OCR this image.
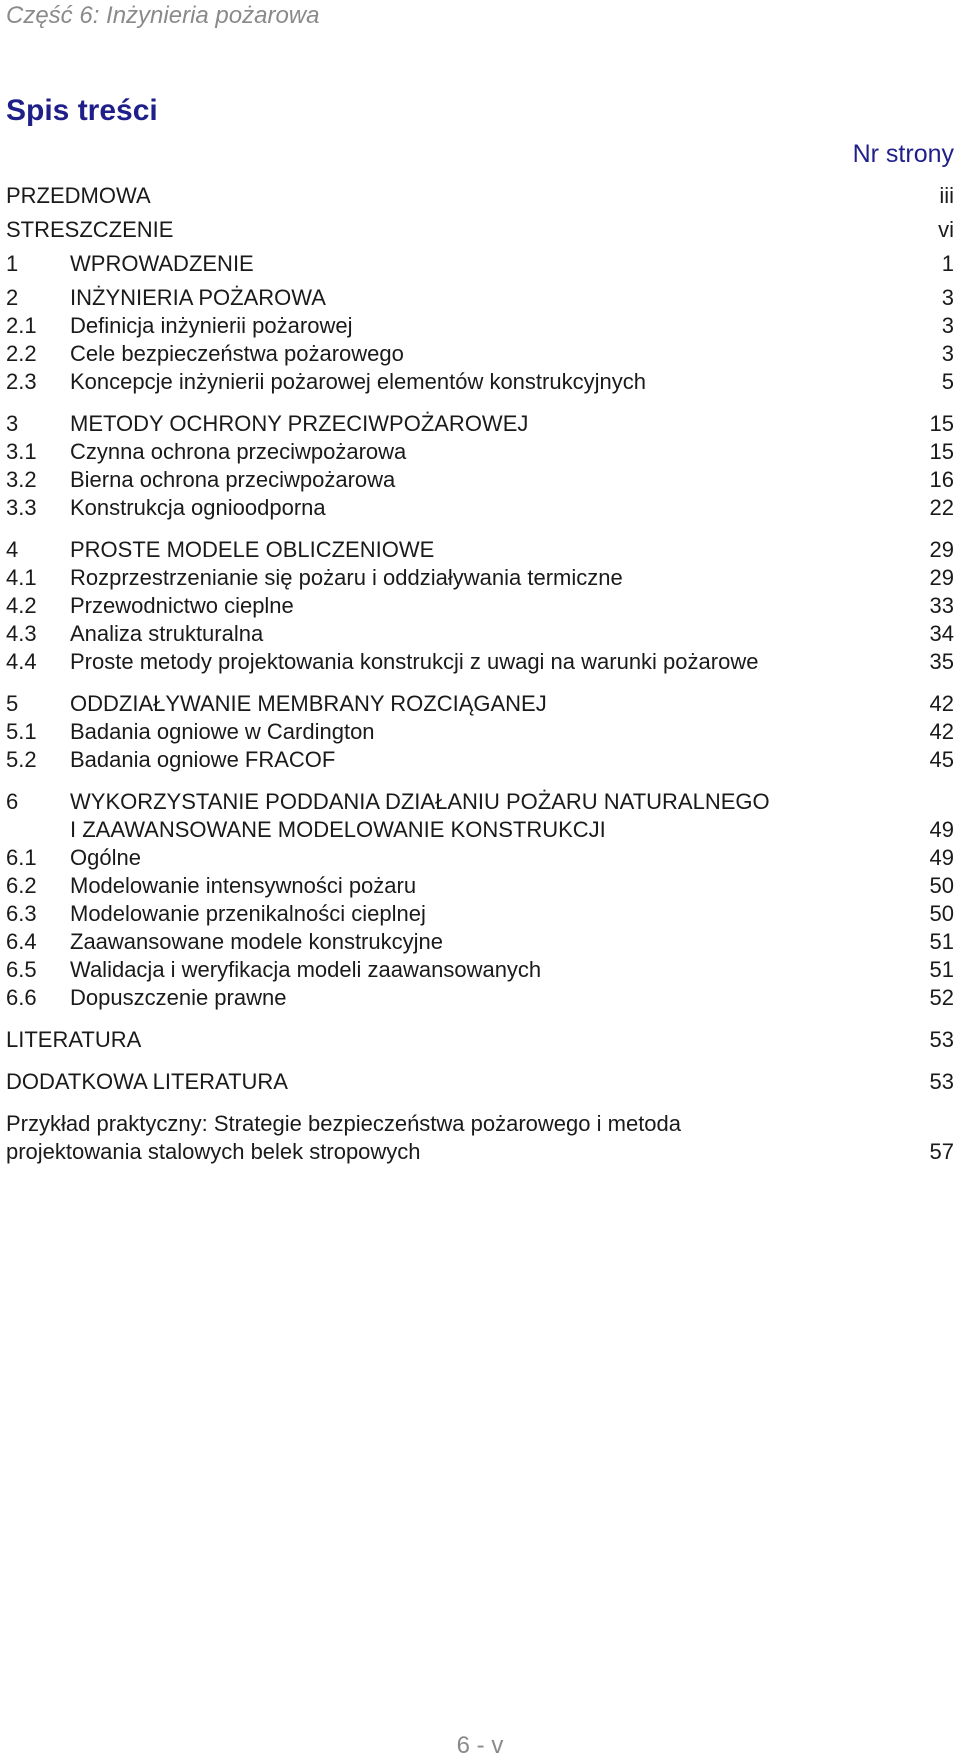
Część 6: Inżynieria pożarowa
Spis treści
Nr strony
PRZEDMOWA	iii
STRESZCZENIE	vi
1	WPROWADZENIE	1
2	INŻYNIERIA POŻAROWA	3
2.1	Definicja inżynierii pożarowej	3
2.2	Cele bezpieczeństwa pożarowego	3
2.3	Koncepcje inżynierii pożarowej elementów konstrukcyjnych	5
3	METODY OCHRONY PRZECIWPOŻAROWEJ	15
3.1	Czynna ochrona przeciwpożarowa	15
3.2	Bierna ochrona przeciwpożarowa	16
3.3	Konstrukcja ognioodporna	22
4	PROSTE MODELE OBLICZENIOWE	29
4.1	Rozprzestrzenianie się pożaru i oddziaływania termiczne	29
4.2	Przewodnictwo cieplne	33
4.3	Analiza strukturalna	34
4.4	Proste metody projektowania konstrukcji z uwagi na warunki pożarowe	35
5	ODDZIAŁYWANIE MEMBRANY ROZCIĄGANEJ	42
5.1	Badania ogniowe w Cardington	42
5.2	Badania ogniowe FRACOF	45
6	WYKORZYSTANIE PODDANIA DZIAŁANIU POŻARU NATURALNEGO
I ZAAWANSOWANE MODELOWANIE KONSTRUKCJI	49
6.1	Ogólne	49
6.2	Modelowanie intensywności pożaru	50
6.3	Modelowanie przenikalności cieplnej	50
6.4	Zaawansowane modele konstrukcyjne	51
6.5	Walidacja i weryfikacja modeli zaawansowanych	51
6.6	Dopuszczenie prawne	52
LITERATURA	53
DODATKOWA LITERATURA	53
Przykład praktyczny: Strategie bezpieczeństwa pożarowego i metoda
projektowania stalowych belek stropowych	57
6 - v
